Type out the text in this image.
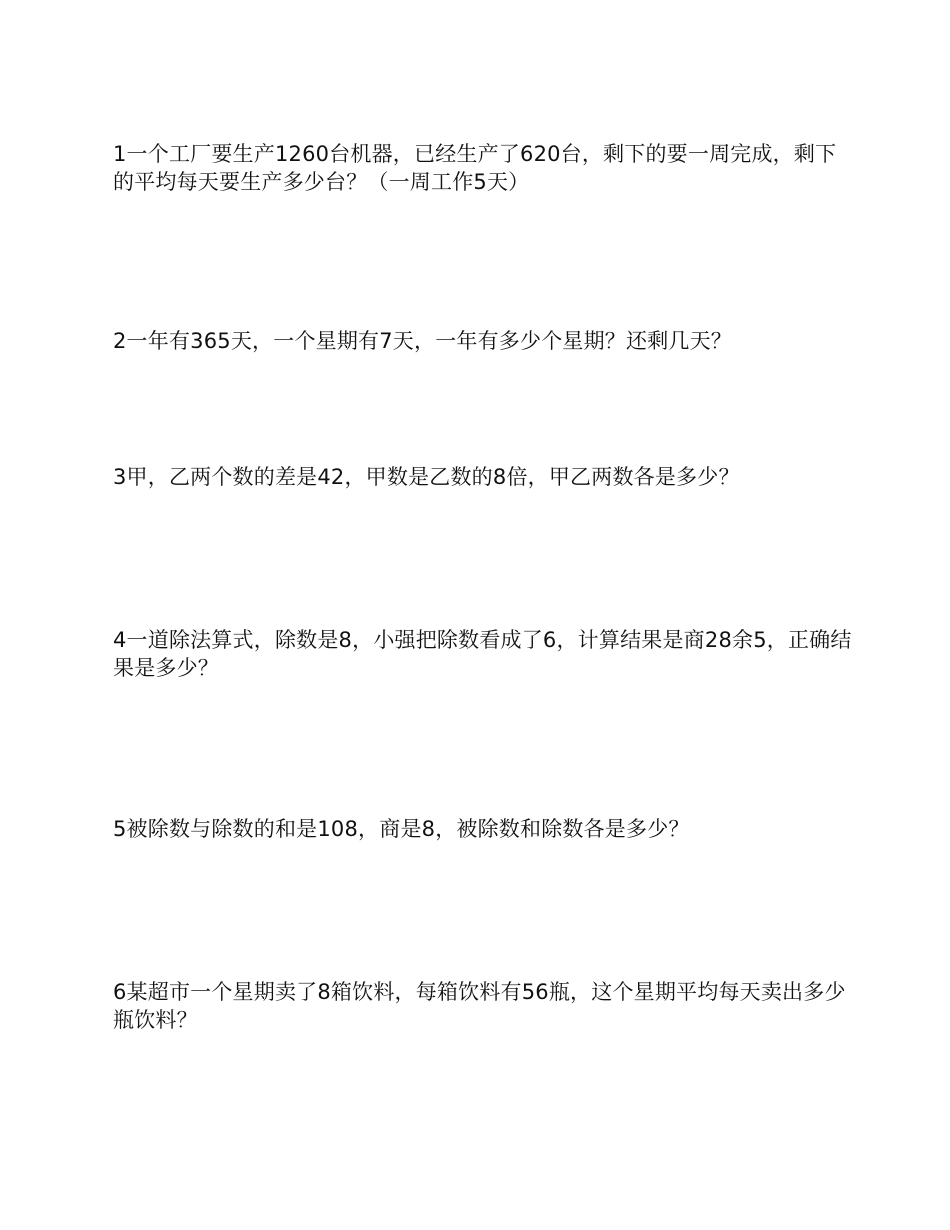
1一个工厂要生产1260台机器，已经生产了620台，剩下的要一周完成，剩下的平均每天要生产多少台？（一周工作5天）
2一年有365天，一个星期有7天，一年有多少个星期？还剩几天？
3甲，乙两个数的差是42，甲数是乙数的8倍，甲乙两数各是多少？
4一道除法算式，除数是8，小强把除数看成了6，计算结果是商28余5，正确结果是多少？
5被除数与除数的和是108，商是8，被除数和除数各是多少？
6某超市一个星期卖了8箱饮料，每箱饮料有56瓶，这个星期平均每天卖出多少瓶饮料？
